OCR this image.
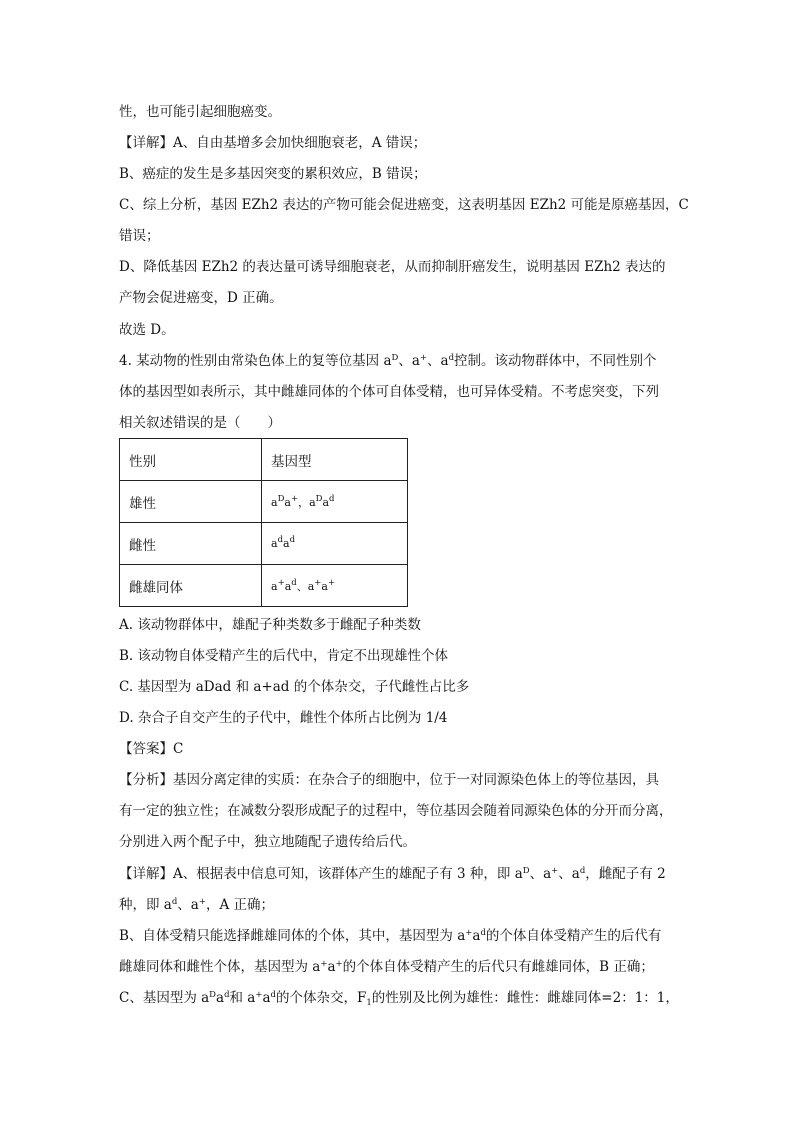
性，也可能引起细胞癌变。
【详解】A、自由基增多会加快细胞衰老，A 错误；
B、癌症的发生是多基因突变的累积效应，B 错误；
C、综上分析，基因 EZh2 表达的产物可能会促进癌变，这表明基因 EZh2 可能是原癌基因，C
错误；
D、降低基因 EZh2 的表达量可诱导细胞衰老，从而抑制肝癌发生，说明基因 EZh2 表达的
产物会促进癌变，D 正确。
故选 D。
4. 某动物的性别由常染色体上的复等位基因 $a^D$、a+、$a^d$控制。该动物群体中，不同性别个
体的基因型如表所示，其中雌雄同体的个体可自体受精，也可异体受精。不考虑突变，下列
相关叙述错误的是（　　）
性别	基因型
雄性	$a^Da^+$，$a^Da^d$
雌性	$a^da^d$
雌雄同体	$a^+a^d$、a+a+
A. 该动物群体中，雄配子种类数多于雌配子种类数
B. 该动物自体受精产生的后代中，肯定不出现雄性个体
C. 基因型为 aDad 和 a+ad 的个体杂交，子代雌性占比多
D. 杂合子自交产生的子代中，雌性个体所占比例为 1/4
【答案】C
【分析】基因分离定律的实质：在杂合子的细胞中，位于一对同源染色体上的等位基因，具
有一定的独立性；在减数分裂形成配子的过程中，等位基因会随着同源染色体的分开而分离，
分别进入两个配子中，独立地随配子遗传给后代。
【详解】A、根据表中信息可知，该群体产生的雄配子有 3 种，即 $a^D$、a+、$a^d$，雌配子有 2
种，即 $a^d$、a+，A 正确；
B、自体受精只能选择雌雄同体的个体，其中，基因型为 $a^+a^d$的个体自体受精产生的后代有
雌雄同体和雌性个体，基因型为 a+a+的个体自体受精产生的后代只有雌雄同体，B 正确；
C、基因型为 $a^Da^d$和 $a^+a^d$的个体杂交，$F_1$的性别及比例为雄性：雌性：雌雄同体=2：1：1，
